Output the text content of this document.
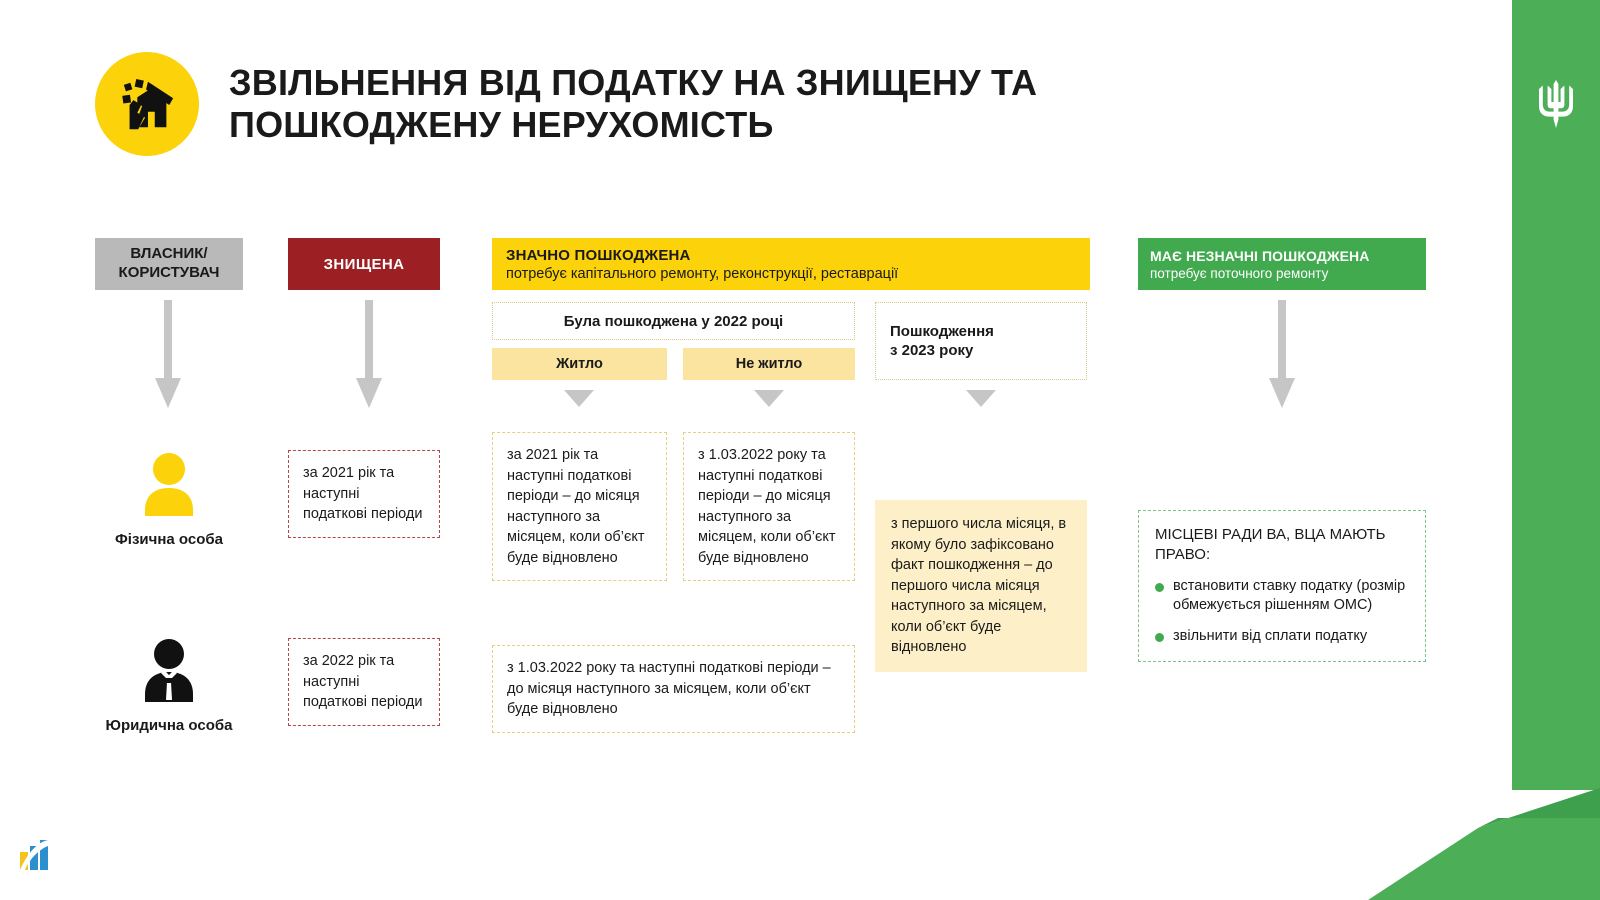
ЗВІЛЬНЕННЯ ВІД ПОДАТКУ НА ЗНИЩЕНУ ТА ПОШКОДЖЕНУ НЕРУХОМІСТЬ
ВЛАСНИК/
КОРИСТУВАЧ	ЗНИЩЕНА
ЗНАЧНО ПОШКОДЖЕНА
потребує капітального ремонту, реконструкції, реставрації
МАЄ НЕЗНАЧНІ ПОШКОДЖЕНА
потребує поточного ремонту
Була пошкоджена у 2022 році
Пошкодження
з 2023 року
Житло	Не житло
Фізична особа
Юридична особа
за 2021 рік та наступні податкові періоди
за 2022 рік та наступні податкові періоди
за 2021 рік та наступні податкові періоди – до місяця наступного за місяцем, коли об’єкт буде відновлено
з 1.03.2022 року та наступні податкові періоди – до місяця наступного за місяцем, коли об’єкт буде відновлено
з 1.03.2022 року та наступні податкові періоди – до місяця наступного за місяцем, коли об’єкт буде відновлено
з першого числа місяця, в якому було зафіксовано факт пошкодження – до першого числа місяця наступного за місяцем, коли об’єкт буде відновлено
МІСЦЕВІ РАДИ ВА, ВЦА МАЮТЬ ПРАВО:
встановити ставку податку (розмір обмежується рішенням ОМС)
звільнити від сплати податку
